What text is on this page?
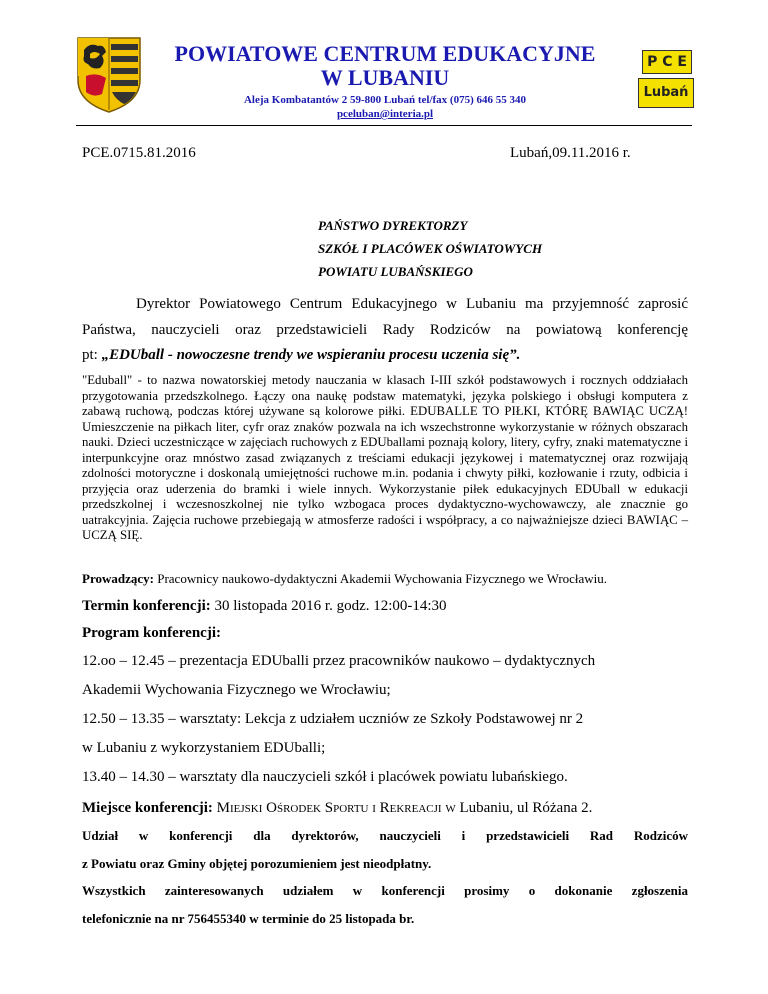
POWIATOWE CENTRUM EDUKACYJNE
W LUBANIU
Aleja Kombatantów 2 59-800 Lubań tel/fax (075) 646 55 340
pceluban@interia.pl
P C E
Lubań
PCE.0715.81.2016	Lubań,09.11.2016 r.
PAŃSTWO DYREKTORZY
SZKÓŁ I PLACÓWEK OŚWIATOWYCH
POWIATU LUBAŃSKIEGO
Dyrektor Powiatowego Centrum Edukacyjnego w Lubaniu ma przyjemność zaprosić
Państwa, nauczycieli oraz przedstawicieli Rady Rodziców na powiatową konferencję
pt: „EDUball - nowoczesne trendy we wspieraniu procesu uczenia się”.
"Eduball" - to nazwa nowatorskiej metody nauczania w klasach I-III szkół podstawowych i rocznych oddziałach przygotowania przedszkolnego. Łączy ona naukę podstaw matematyki, języka polskiego i obsługi komputera z zabawą ruchową, podczas której używane są kolorowe piłki. EDUBALLE TO PIŁKI, KTÓRĘ BAWIĄC UCZĄ! Umieszczenie na piłkach liter, cyfr oraz znaków pozwala na ich wszechstronne wykorzystanie w różnych obszarach nauki. Dzieci uczestniczące w zajęciach ruchowych z EDUballami poznają kolory, litery, cyfry, znaki matematyczne i interpunkcyjne oraz mnóstwo zasad związanych z treściami edukacji językowej i matematycznej oraz rozwijają zdolności motoryczne i doskonalą umiejętności ruchowe m.in. podania i chwyty piłki, kozłowanie i rzuty, odbicia i przyjęcia oraz uderzenia do bramki i wiele innych. Wykorzystanie piłek edukacyjnych EDUball w edukacji przedszkolnej i wczesnoszkolnej nie tylko wzbogaca proces dydaktyczno-wychowawczy, ale znacznie go uatrakcyjnia. Zajęcia ruchowe przebiegają w atmosferze radości i współpracy, a co najważniejsze dzieci BAWIĄC – UCZĄ SIĘ.
Prowadzący: Pracownicy naukowo-dydaktyczni Akademii Wychowania Fizycznego we Wrocławiu.
Termin konferencji: 30 listopada 2016 r. godz. 12:00-14:30
Program konferencji:
12.oo – 12.45 – prezentacja EDUballi przez pracowników naukowo – dydaktycznych
Akademii Wychowania Fizycznego we Wrocławiu;
12.50 – 13.35 – warsztaty: Lekcja z udziałem uczniów ze Szkoły Podstawowej nr 2
w Lubaniu z wykorzystaniem EDUballi;
13.40 – 14.30 – warsztaty dla nauczycieli szkół i placówek powiatu lubańskiego.
Miejsce konferencji: Miejski Ośrodek Sportu i Rekreacji w Lubaniu, ul Różana 2.
Udział w konferencji dla dyrektorów, nauczycieli i przedstawicieli Rad Rodziców
z Powiatu oraz Gminy objętej porozumieniem jest nieodpłatny.
Wszystkich zainteresowanych udziałem w konferencji prosimy o dokonanie zgłoszenia
telefonicznie na nr 756455340 w terminie do 25 listopada br.
